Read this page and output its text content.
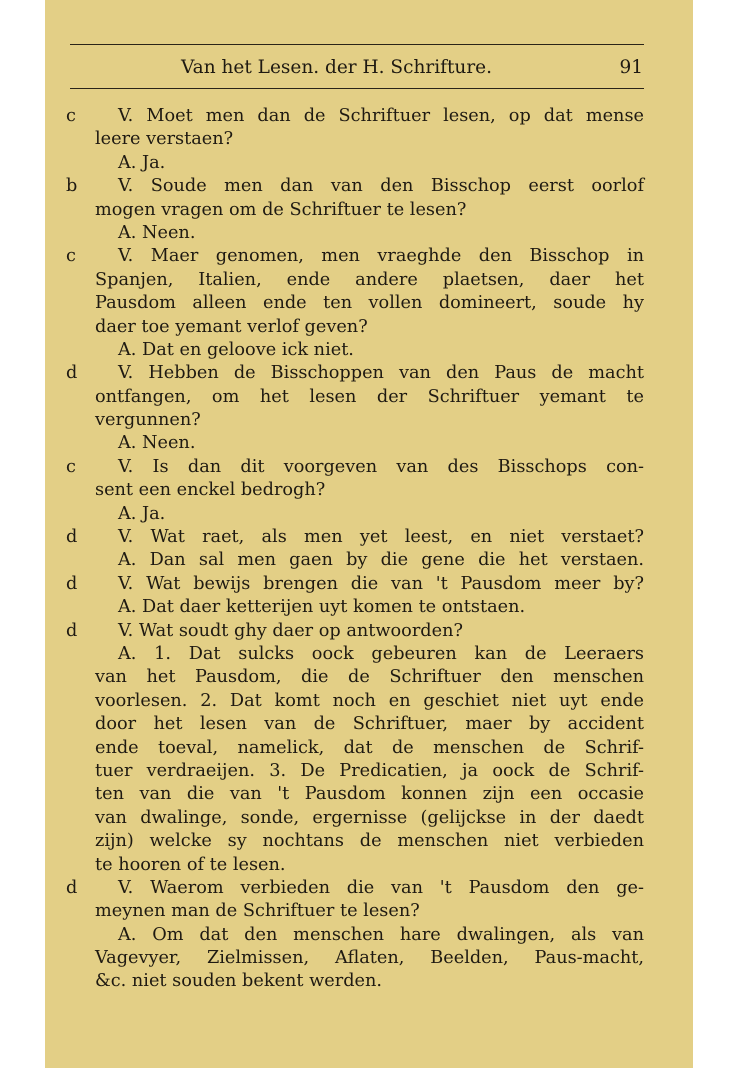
Van het Lesen. der H. Schrifture.	91
c V. Moet men dan de Schriftuer lesen, op dat mense
leere verstaen?
A. Ja.
b V. Soude men dan van den Bisschop eerst oorlof
mogen vragen om de Schriftuer te lesen?
A. Neen.
c V. Maer genomen, men vraeghde den Bisschop in
Spanjen, Italien, ende andere plaetsen, daer het
Pausdom alleen ende ten vollen domineert, soude hy
daer toe yemant verlof geven?
A. Dat en geloove ick niet.
d V. Hebben de Bisschoppen van den Paus de macht
ontfangen, om het lesen der Schriftuer yemant te
vergunnen?
A. Neen.
c V. Is dan dit voorgeven van des Bisschops con-
sent een enckel bedrogh?
A. Ja.
d V. Wat raet, als men yet leest, en niet verstaet?
A. Dan sal men gaen by die gene die het verstaen.
d V. Wat bewijs brengen die van 't Pausdom meer by?
A. Dat daer ketterijen uyt komen te ontstaen.
d V. Wat soudt ghy daer op antwoorden?
A. 1. Dat sulcks oock gebeuren kan de Leeraers
van het Pausdom, die de Schriftuer den menschen
voorlesen. 2. Dat komt noch en geschiet niet uyt ende
door het lesen van de Schriftuer, maer by accident
ende toeval, namelick, dat de menschen de Schrif-
tuer verdraeijen. 3. De Predicatien, ja oock de Schrif-
ten van die van 't Pausdom konnen zijn een occasie
van dwalinge, sonde, ergernisse (gelijckse in der daedt
zijn) welcke sy nochtans de menschen niet verbieden
te hooren of te lesen.
d V. Waerom verbieden die van 't Pausdom den ge-
meynen man de Schriftuer te lesen?
A. Om dat den menschen hare dwalingen, als van
Vagevyer, Zielmissen, Aflaten, Beelden, Paus-macht,
&c. niet souden bekent werden.
